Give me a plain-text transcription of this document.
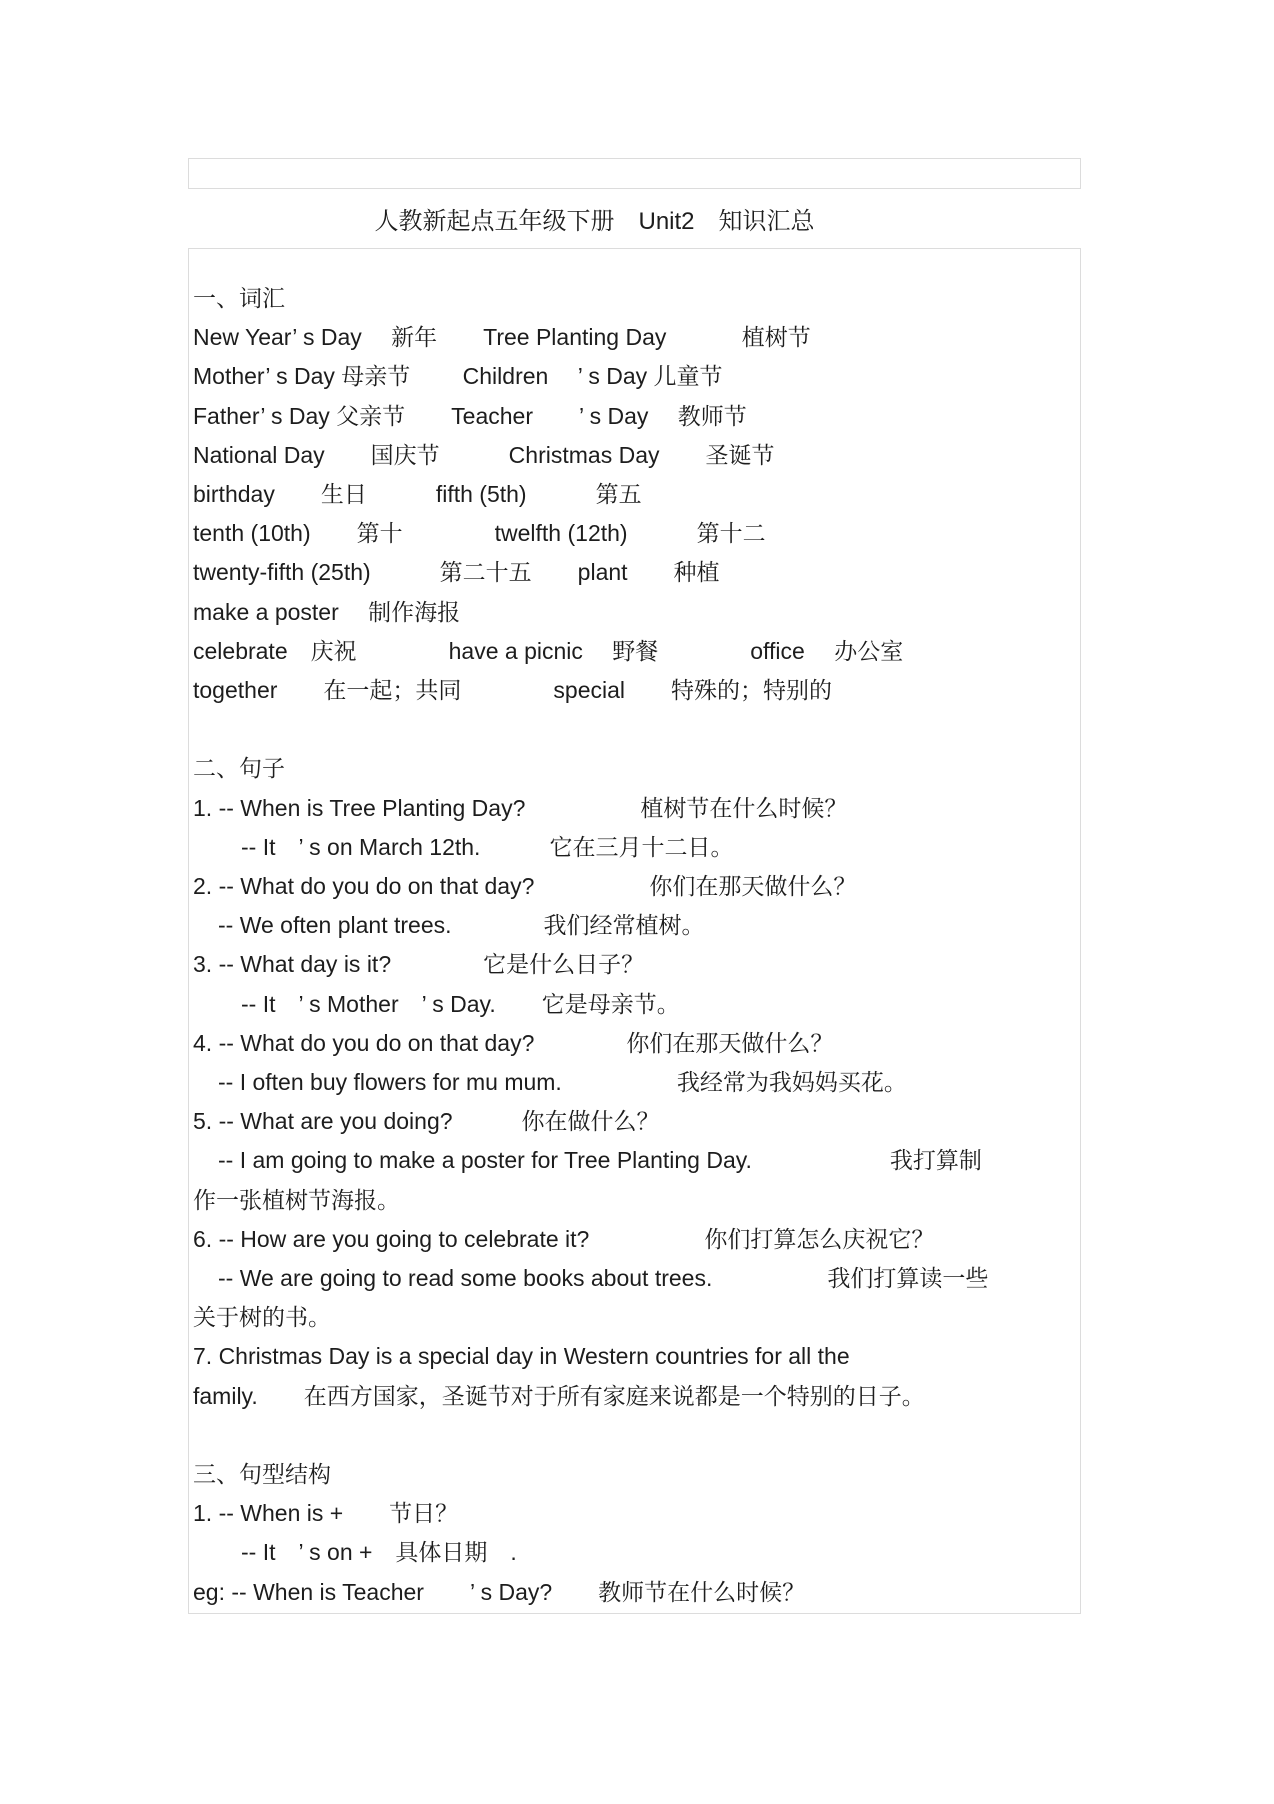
人教新起点五年级下册　Unit2　知识汇总

一、词汇

New Year’ s Day　 新年　　Tree Planting Day　　　 植树节

Mother’ s Day 母亲节　　 Children　 ’ s Day 儿童节

Father’ s Day 父亲节　　Teacher　　’ s Day　 教师节

National Day　　国庆节　　　Christmas Day　　圣诞节

birthday　　生日　　　fifth (5th)　　　第五

tenth (10th)　　第十　　　　twelfth (12th)　　　第十二

twenty-fifth (25th)　　　第二十五　　plant　　种植

make a poster　 制作海报

celebrate　庆祝　　　　have a picnic　 野餐　　　　office　 办公室

together　　在一起；共同　　　　special　　特殊的；特别的

二、句子

1. -- When is Tree Planting Day?　　　　　植树节在什么时候？

-- It　’ s on March 12th.　　　它在三月十二日。

2. -- What do you do on that day?　　　　　你们在那天做什么？

-- We often plant trees.　　　　我们经常植树。

3. -- What day is it?　　　　它是什么日子？

-- It　’ s Mother　’ s Day.　　它是母亲节。

4. -- What do you do on that day?　　　　你们在那天做什么？

-- I often buy flowers for mu mum.　　　　　我经常为我妈妈买花。

5. -- What are you doing?　　　你在做什么？

-- I am going to make a poster for Tree Planting Day.　　　　　　我打算制

作一张植树节海报。

6. -- How are you going to celebrate it?　　　　　你们打算怎么庆祝它？

-- We are going to read some books about trees.　　　　　我们打算读一些

关于树的书。

7. Christmas Day is a special day in Western countries for all the

family.　　在西方国家，圣诞节对于所有家庭来说都是一个特别的日子。

三、句型结构

1. -- When is +　　节日？

-- It　’ s on +　具体日期　.

eg: -- When is Teacher　　’ s Day?　　教师节在什么时候？
